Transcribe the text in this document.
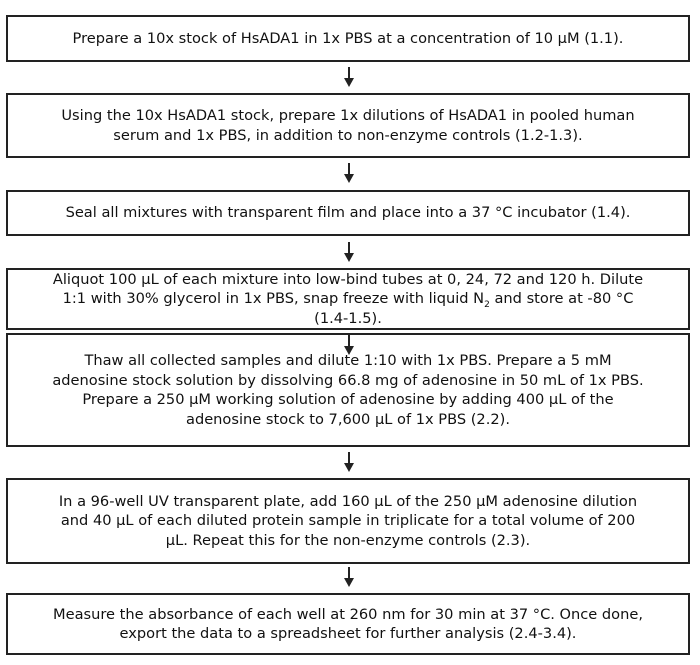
Prepare a 10x stock of HsADA1 in 1x PBS at a concentration of 10 µM (1.1).
Using the 10x HsADA1 stock, prepare 1x dilutions of HsADA1 in pooled human serum and 1x PBS, in addition to non-enzyme controls (1.2-1.3).
Seal all mixtures with transparent film and place into a 37 °C incubator (1.4).
Aliquot 100 µL of each mixture into low-bind tubes at 0, 24, 72 and 120 h. Dilute 1:1 with 30% glycerol in 1x PBS, snap freeze with liquid $N_2$ and store at -80 °C (1.4-1.5).
Thaw all collected samples and dilute 1:10 with 1x PBS. Prepare a 5 mM adenosine stock solution by dissolving 66.8 mg of adenosine in 50 mL of 1x PBS. Prepare a 250 µM working solution of adenosine by adding 400 µL of the adenosine stock to 7,600 µL of 1x PBS (2.2).
In a 96-well UV transparent plate, add 160 µL of the 250 µM adenosine dilution and 40 µL of each diluted protein sample in triplicate for a total volume of 200 µL. Repeat this for the non-enzyme controls (2.3).
Measure the absorbance of each well at 260 nm for 30 min at 37 °C. Once done, export the data to a spreadsheet for further analysis (2.4-3.4).
